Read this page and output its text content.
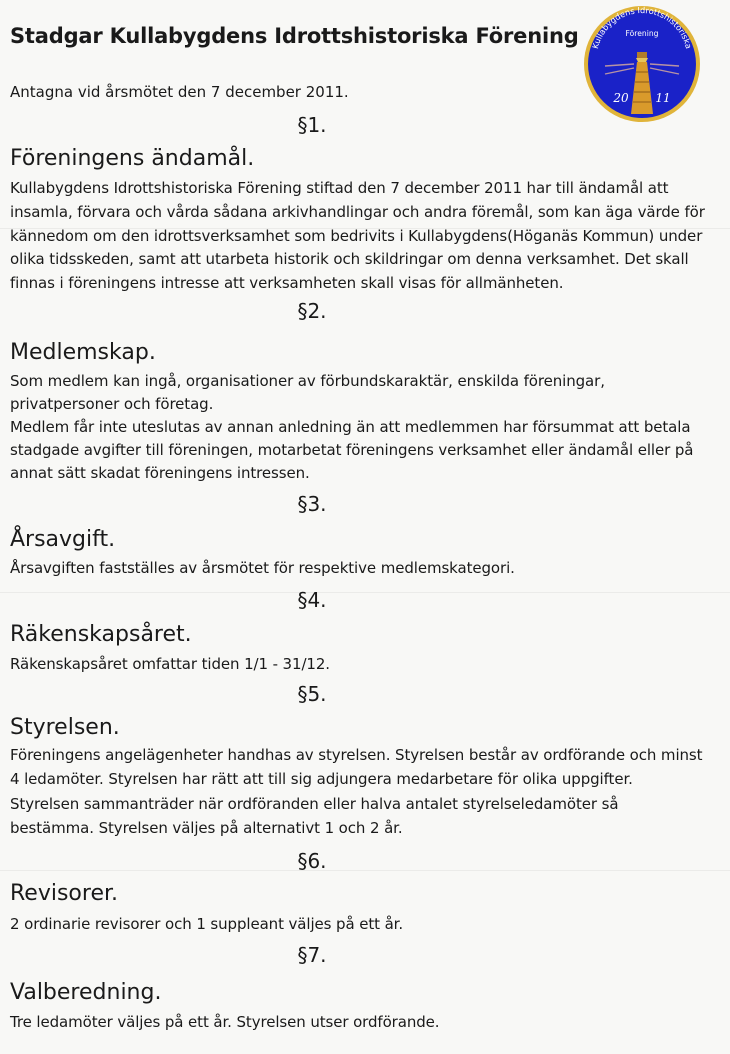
Stadgar Kullabygdens Idrottshistoriska Förening
Antagna vid årsmötet den 7 december 2011.
Kullabygdens Idrottshistoriska
Förening
20 11
§1.
Föreningens ändamål.
Kullabygdens Idrottshistoriska Förening stiftad den 7 december 2011 har till ändamål att
insamla, förvara och vårda sådana arkivhandlingar och andra föremål, som kan äga värde för
kännedom om den idrottsverksamhet som bedrivits i Kullabygdens(Höganäs Kommun) under
olika tidsskeden, samt att utarbeta historik och skildringar om denna verksamhet. Det skall
finnas i föreningens intresse att verksamheten skall visas för allmänheten.
§2.
Medlemskap.
Som medlem kan ingå, organisationer av förbundskaraktär, enskilda föreningar,
privatpersoner och företag.
Medlem får inte uteslutas av annan anledning än att medlemmen har försummat att betala
stadgade avgifter till föreningen, motarbetat föreningens verksamhet eller ändamål eller på
annat sätt skadat föreningens intressen.
§3.
Årsavgift.
Årsavgiften fastställes av årsmötet för respektive medlemskategori.
§4.
Räkenskapsåret.
Räkenskapsåret omfattar tiden 1/1 - 31/12.
§5.
Styrelsen.
Föreningens angelägenheter handhas av styrelsen. Styrelsen består av ordförande och minst
4 ledamöter. Styrelsen har rätt att till sig adjungera medarbetare för olika uppgifter.
Styrelsen sammanträder när ordföranden eller halva antalet styrelseledamöter så
bestämma. Styrelsen väljes på alternativt 1 och 2 år.
§6.
Revisorer.
2 ordinarie revisorer och 1 suppleant väljes på ett år.
§7.
Valberedning.
Tre ledamöter väljes på ett år. Styrelsen utser ordförande.
